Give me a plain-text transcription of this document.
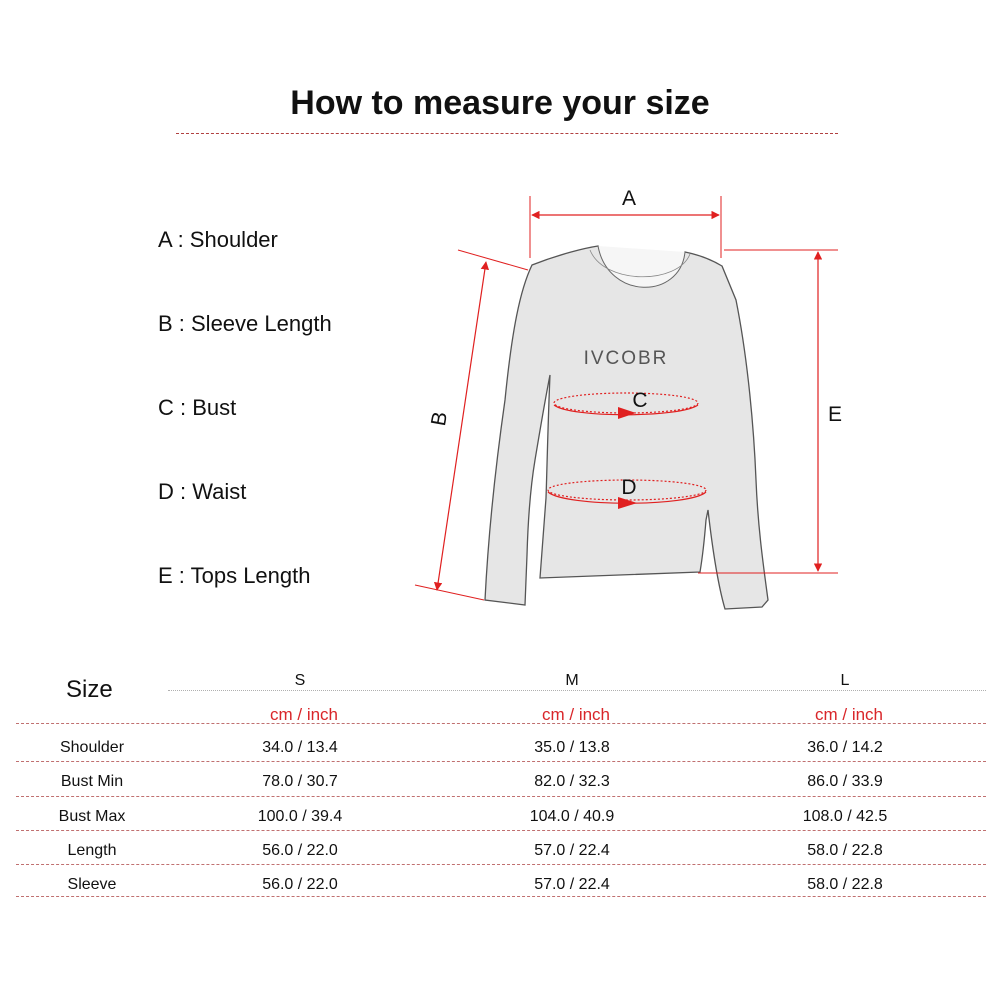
How to measure your size
A : Shoulder
B : Sleeve Length
C : Bust
D : Waist
E : Tops Length
IVCOBR
A
B
C
D
E
Size	S	M	L
cm / inch	cm / inch	cm / inch
Shoulder	34.0 / 13.4	35.0 / 13.8	36.0 / 14.2
Bust Min	78.0 / 30.7	82.0 / 32.3	86.0 / 33.9
Bust Max	100.0 / 39.4	104.0 / 40.9	108.0 / 42.5
Length	56.0 / 22.0	57.0 / 22.4	58.0 / 22.8
Sleeve	56.0 / 22.0	57.0 / 22.4	58.0 / 22.8
